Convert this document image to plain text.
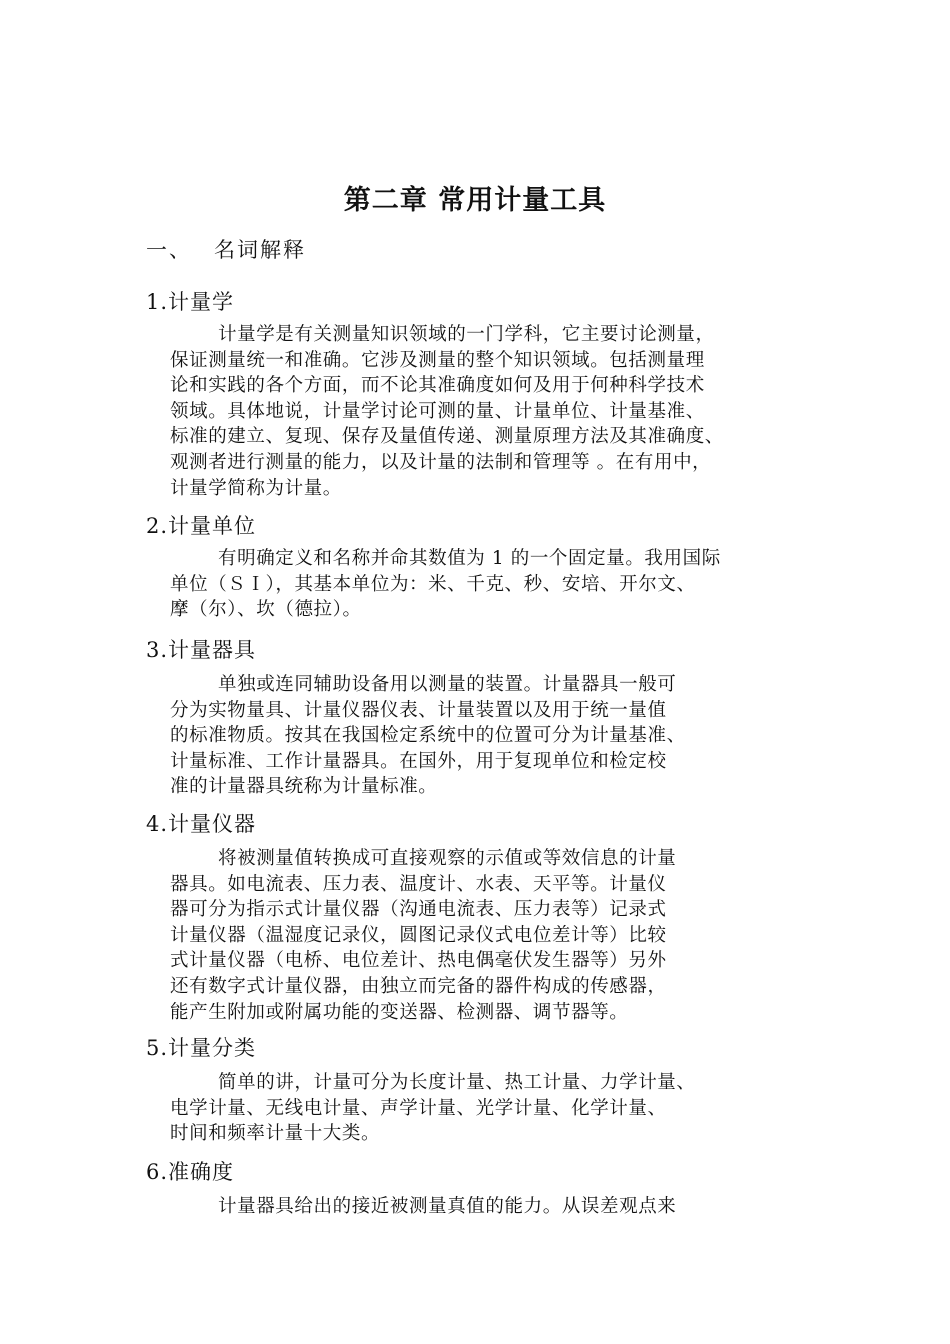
第二章 常用计量工具
一、 名词解释
1.计量学
计量学是有关测量知识领域的一门学科，它主要讨论测量，
保证测量统一和准确。它涉及测量的整个知识领域。包括测量理
论和实践的各个方面，而不论其准确度如何及用于何种科学技术
领域。具体地说，计量学讨论可测的量、计量单位、计量基准、
标准的建立、复现、保存及量值传递、测量原理方法及其准确度、
观测者进行测量的能力，以及计量的法制和管理等 。在有用中，
计量学简称为计量。
2.计量单位
有明确定义和名称并命其数值为 1 的一个固定量。我用国际
单位（ＳＩ），其基本单位为：米、千克、秒、安培、开尔文、
摩（尔）、坎（德拉）。
3.计量器具
单独或连同辅助设备用以测量的装置。计量器具一般可
分为实物量具、计量仪器仪表、计量装置以及用于统一量值
的标准物质。按其在我国检定系统中的位置可分为计量基准、
计量标准、工作计量器具。在国外，用于复现单位和检定校
准的计量器具统称为计量标准。
4.计量仪器
将被测量值转换成可直接观察的示值或等效信息的计量
器具。如电流表、压力表、温度计、水表、天平等。计量仪
器可分为指示式计量仪器（沟通电流表、压力表等）记录式
计量仪器（温湿度记录仪，圆图记录仪式电位差计等）比较
式计量仪器（电桥、电位差计、热电偶毫伏发生器等）另外
还有数字式计量仪器，由独立而完备的器件构成的传感器，
能产生附加或附属功能的变送器、检测器、调节器等。
5.计量分类
简单的讲，计量可分为长度计量、热工计量、力学计量、
电学计量、无线电计量、声学计量、光学计量、化学计量、
时间和频率计量十大类。
6.准确度
计量器具给出的接近被测量真值的能力。从误差观点来
